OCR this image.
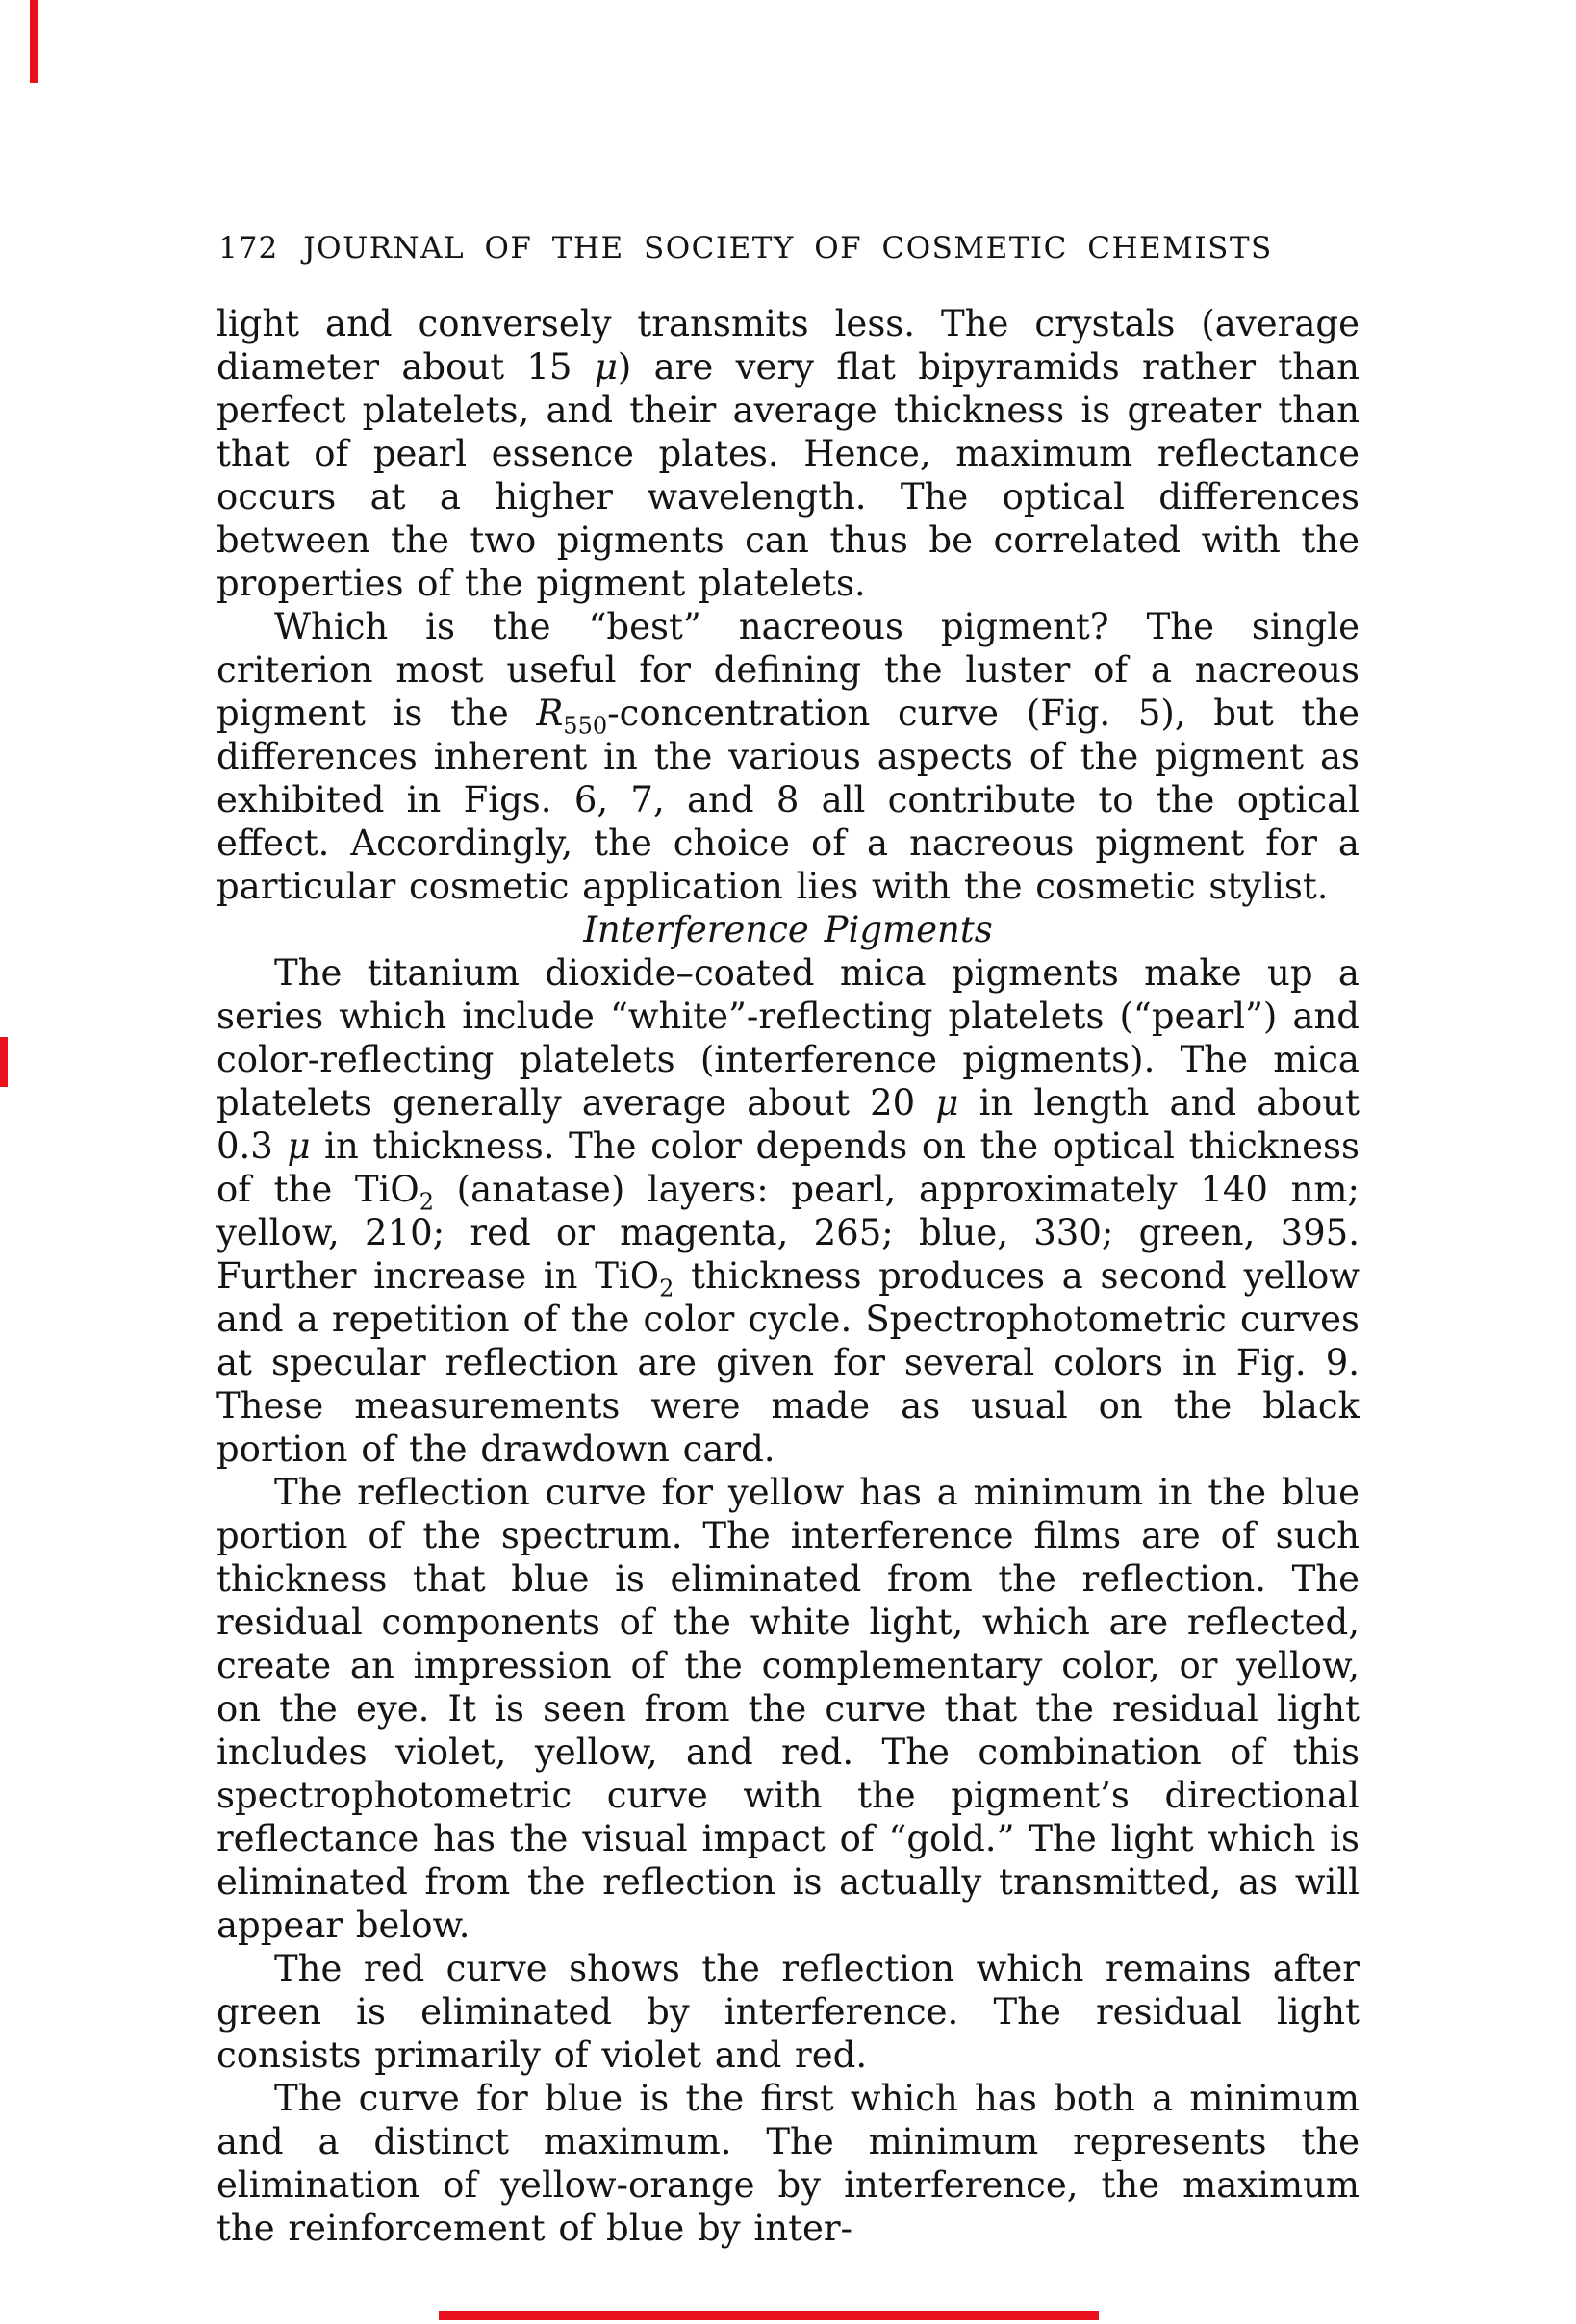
172 JOURNAL OF THE SOCIETY OF COSMETIC CHEMISTS

light and conversely transmits less. The crystals (average diameter about 15 μ) are very flat bipyramids rather than perfect platelets, and their average thickness is greater than that of pearl essence plates. Hence, maximum reflectance occurs at a higher wavelength. The optical differences between the two pigments can thus be correlated with the properties of the pigment platelets.

Which is the “best” nacreous pigment? The single criterion most useful for defining the luster of a nacreous pigment is the $R_{550}$-concentration curve (Fig. 5), but the differences inherent in the various aspects of the pigment as exhibited in Figs. 6, 7, and 8 all contribute to the optical effect. Accordingly, the choice of a nacreous pigment for a particular cosmetic application lies with the cosmetic stylist.

Interference Pigments

The titanium dioxide–coated mica pigments make up a series which include “white”-reflecting platelets (“pearl”) and color-reflecting platelets (interference pigments). The mica platelets generally average about 20 μ in length and about 0.3 μ in thickness. The color depends on the optical thickness of the TiO$_2$ (anatase) layers: pearl, approximately 140 nm; yellow, 210; red or magenta, 265; blue, 330; green, 395. Further increase in TiO$_2$ thickness produces a second yellow and a repetition of the color cycle. Spectrophotometric curves at specular reflection are given for several colors in Fig. 9. These measurements were made as usual on the black portion of the drawdown card.

The reflection curve for yellow has a minimum in the blue portion of the spectrum. The interference films are of such thickness that blue is eliminated from the reflection. The residual components of the white light, which are reflected, create an impression of the complementary color, or yellow, on the eye. It is seen from the curve that the residual light includes violet, yellow, and red. The combination of this spectrophotometric curve with the pigment’s directional reflectance has the visual impact of “gold.” The light which is eliminated from the reflection is actually transmitted, as will appear below.

The red curve shows the reflection which remains after green is eliminated by interference. The residual light consists primarily of violet and red.

The curve for blue is the first which has both a minimum and a distinct maximum. The minimum represents the elimination of yellow-orange by interference, the maximum the reinforcement of blue by inter-
